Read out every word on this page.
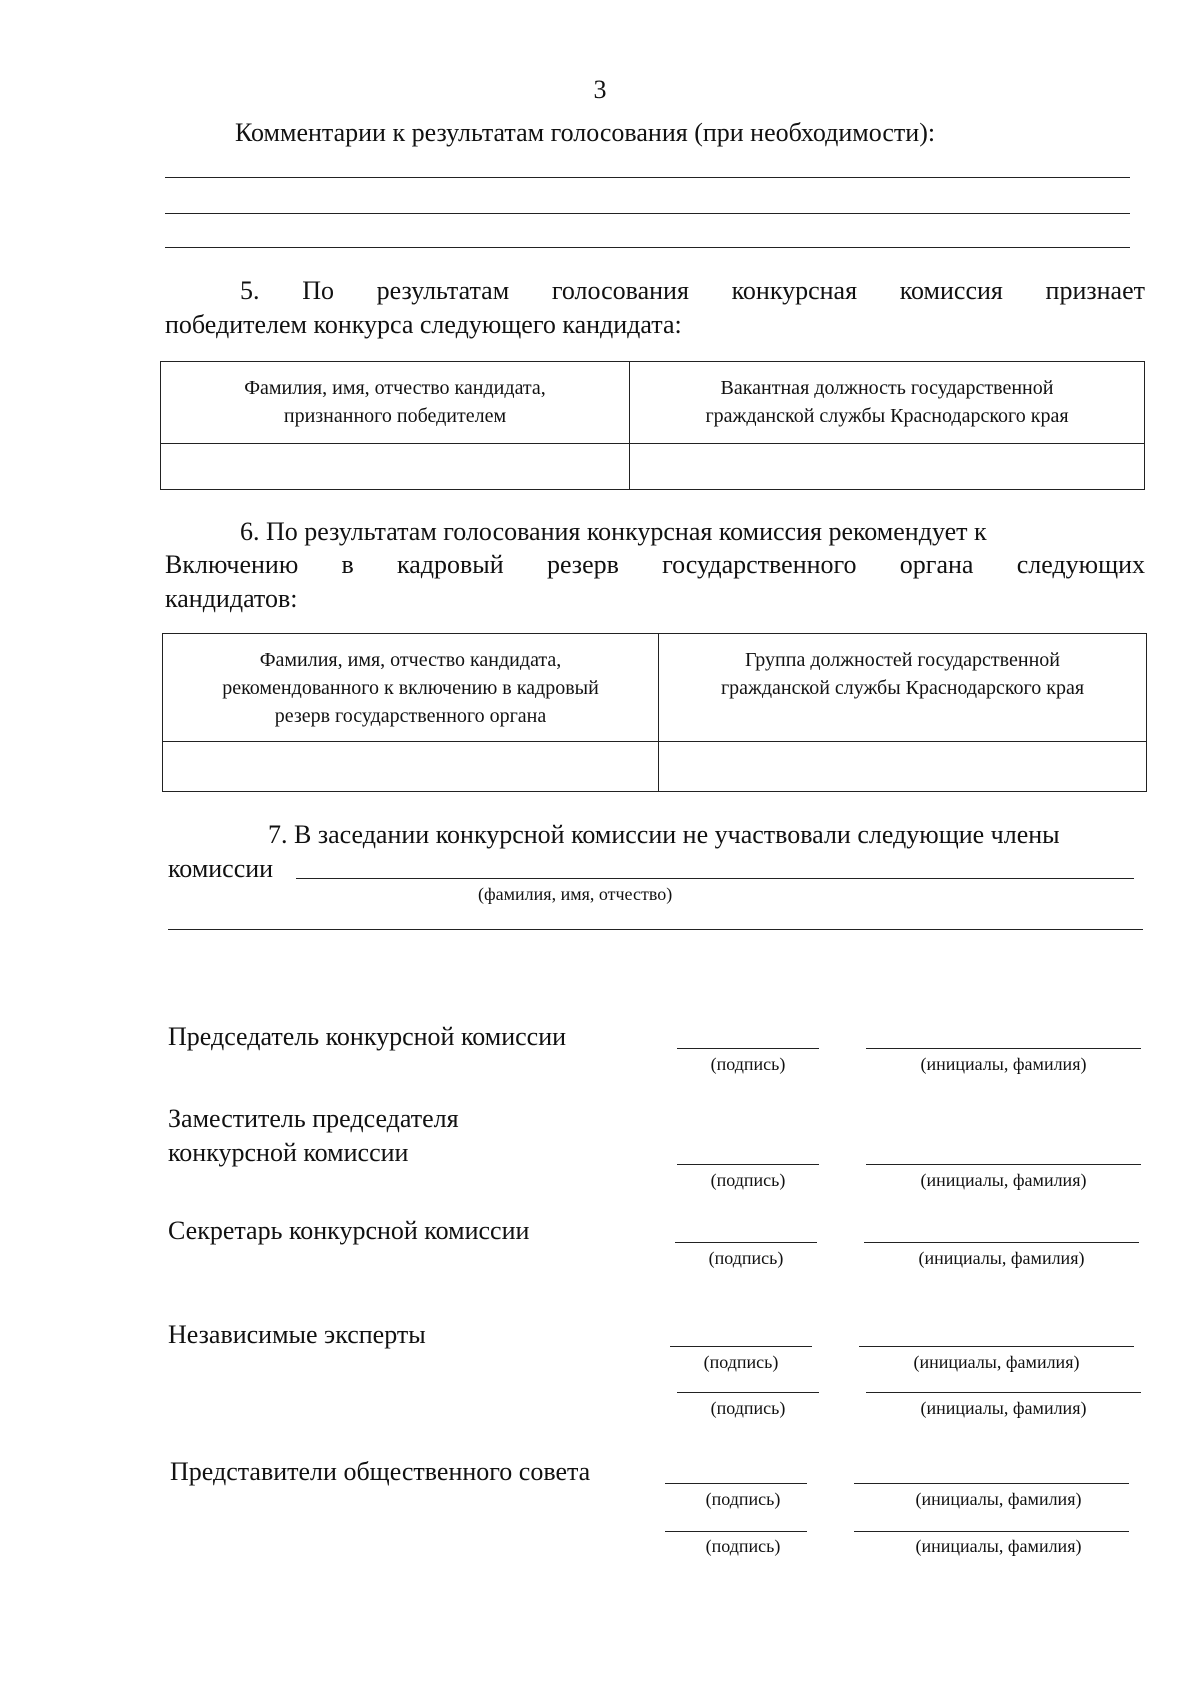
3
Комментарии к результатам голосования (при необходимости):
5. По результатам голосования конкурсная комиссия признает
победителем конкурса следующего кандидата:
Фамилия, имя, отчество кандидата,
признанного победителем	Вакантная должность государственной
гражданской службы Краснодарского края

6. По результатам голосования конкурсная комиссия рекомендует к
Включению в кадровый резерв государственного органа следующих
кандидатов:
Фамилия, имя, отчество кандидата,
рекомендованного к включению в кадровый
резерв государственного органа	Группа должностей государственной
гражданской службы Краснодарского края

7. В заседании конкурсной комиссии не участвовали следующие члены
комиссии
(фамилия, имя, отчество)
Председатель конкурсной комиссии
(подпись)	(инициалы, фамилия)
Заместитель председателя
конкурсной комиссии
(подпись)	(инициалы, фамилия)
Секретарь конкурсной комиссии
(подпись)	(инициалы, фамилия)
Независимые эксперты
(подпись)	(инициалы, фамилия)
(подпись)	(инициалы, фамилия)
Представители общественного совета
(подпись)	(инициалы, фамилия)
(подпись)	(инициалы, фамилия)
